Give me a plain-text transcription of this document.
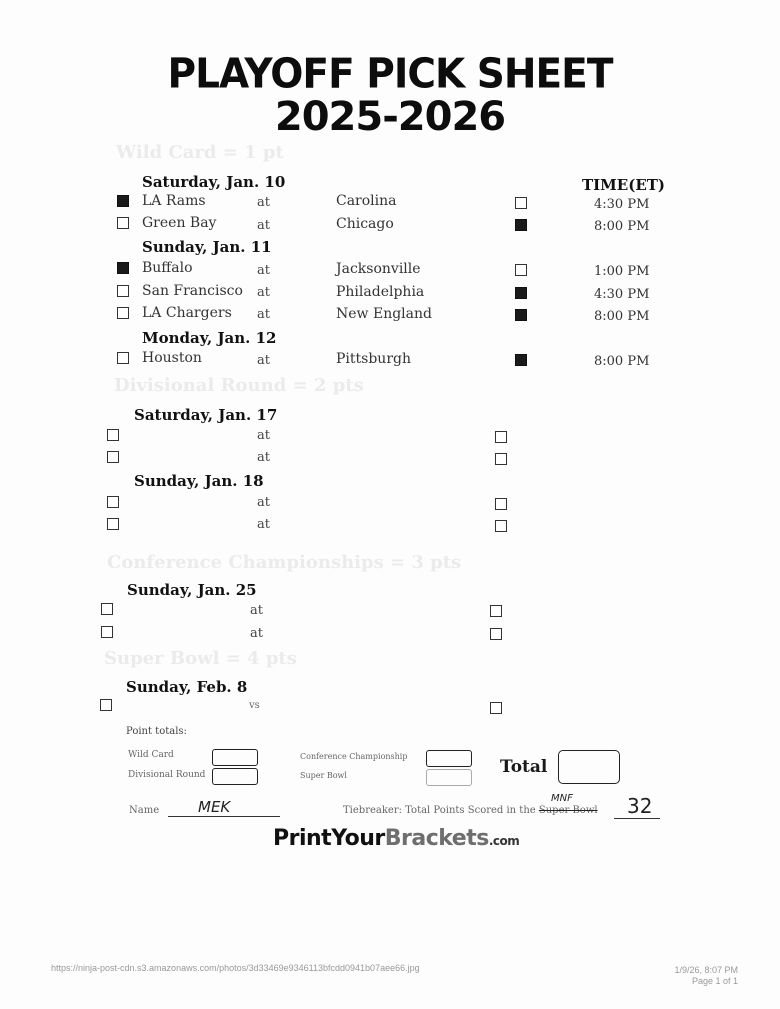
PLAYOFF PICK SHEET
2025-2026
Wild Card = 1 pt
Saturday, Jan. 10	TIME(ET)
LA Rams	at	Carolina	4:30 PM
Green Bay	at	Chicago	8:00 PM
Sunday, Jan. 11
Buffalo	at	Jacksonville	1:00 PM
San Francisco at	Philadelphia	4:30 PM
LA Chargers at	New England	8:00 PM
Monday, Jan. 12
Houston	at	Pittsburgh	8:00 PM
Divisional Round = 2 pts
Saturday, Jan. 17
at
at
Sunday, Jan. 18
at
at
Conference Championships = 3 pts
Sunday, Jan. 25
at
at
Super Bowl = 4 pts
Sunday, Feb. 8
vs
Point totals:
Wild Card
Divisional Round
Conference Championship
Super Bowl	Total
Name	MEK	Tiebreaker: Total Points Scored in the Super Bowl
MNF	32
PrintYourBrackets.com
https://ninja-post-cdn.s3.amazonaws.com/photos/3d33469e9346113bfcdd0941b07aee66.jpg	1/9/26, 8:07 PM
Page 1 of 1
